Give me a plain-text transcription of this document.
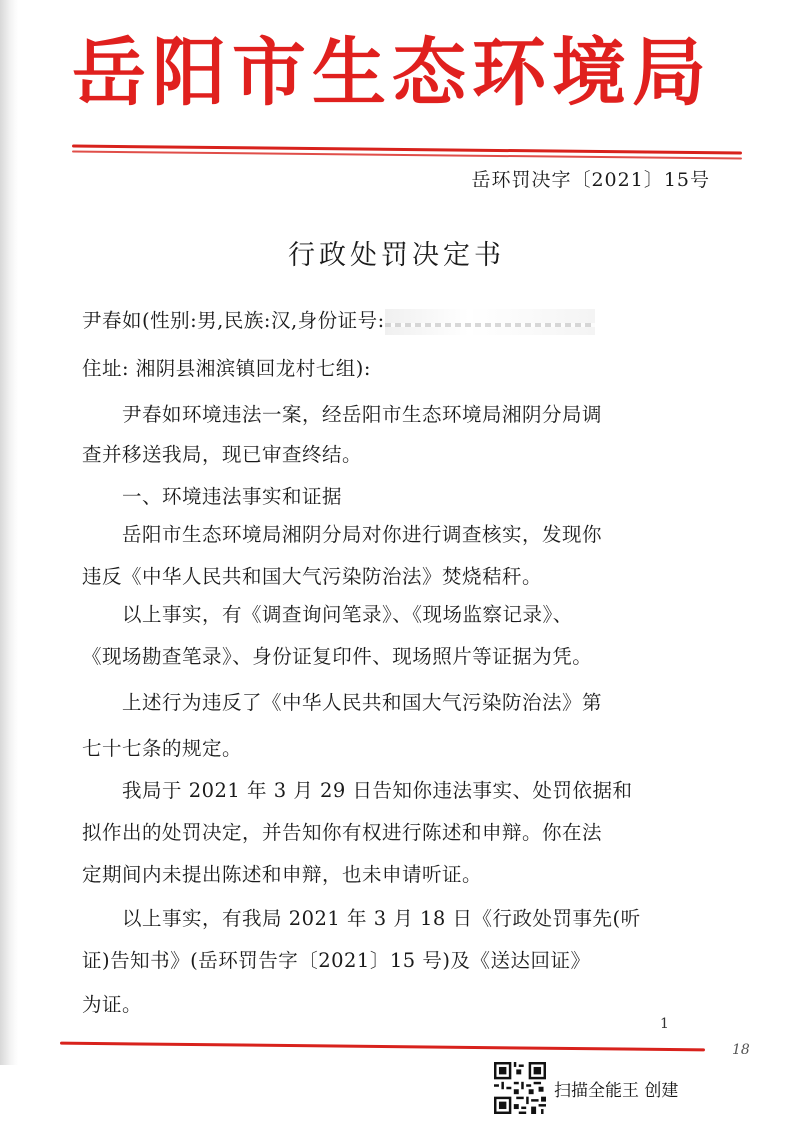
岳阳市生态环境局
岳环罚决字〔2021〕15号
行政处罚决定书
尹春如(性别:男,民族:汉,身份证号:
住址: 湘阴县湘滨镇回龙村七组):
尹春如环境违法一案，经岳阳市生态环境局湘阴分局调
查并移送我局，现已审查终结。
一、环境违法事实和证据
岳阳市生态环境局湘阴分局对你进行调查核实，发现你
违反《中华人民共和国大气污染防治法》焚烧秸秆。
以上事实，有《调查询问笔录》、《现场监察记录》、
《现场勘查笔录》、身份证复印件、现场照片等证据为凭。
上述行为违反了《中华人民共和国大气污染防治法》第
七十七条的规定。
我局于 2021 年 3 月 29 日告知你违法事实、处罚依据和
拟作出的处罚决定，并告知你有权进行陈述和申辩。你在法
定期间内未提出陈述和申辩，也未申请听证。
以上事实，有我局 2021 年 3 月 18 日《行政处罚事先(听
证)告知书》(岳环罚告字〔2021〕15 号)及《送达回证》
为证。
1
18
扫描全能王 创建
